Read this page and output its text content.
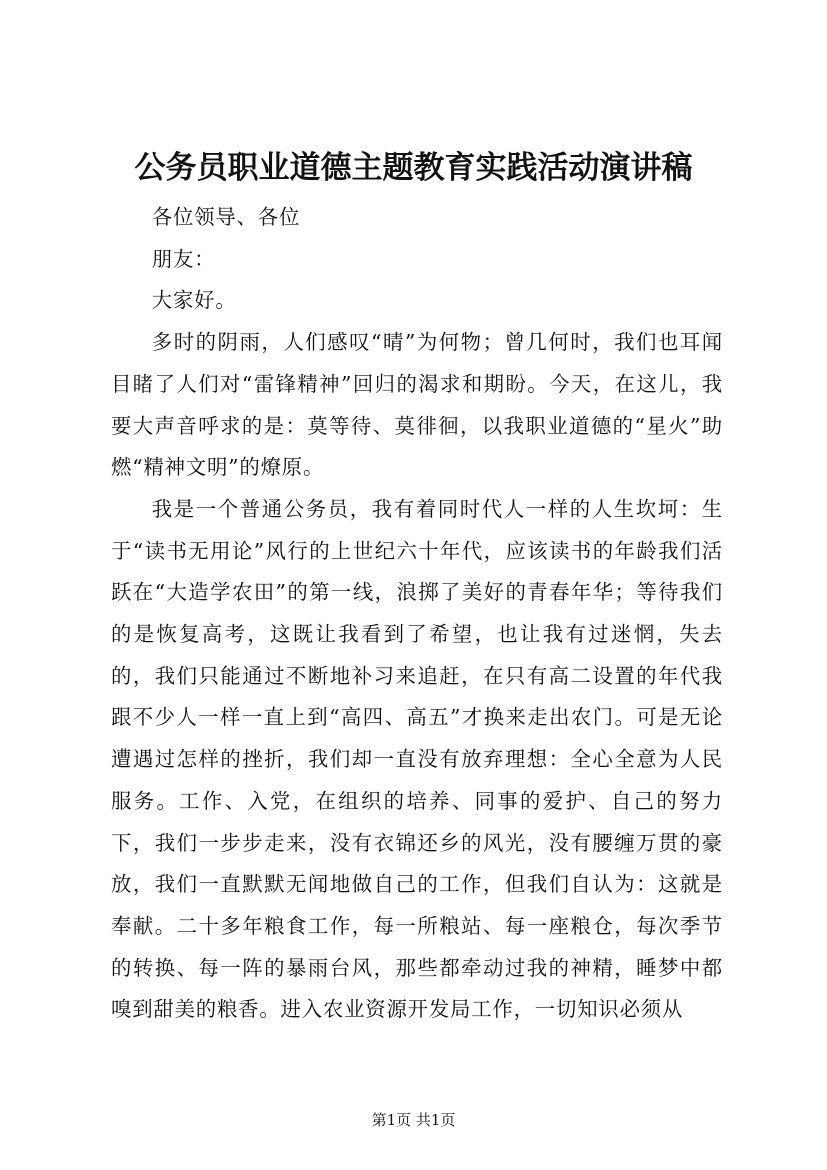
公务员职业道德主题教育实践活动演讲稿

各位领导、各位

朋友：

大家好。

多时的阴雨，人们感叹“晴”为何物；曾几何时，我们也耳闻目睹了人们对“雷锋精神”回归的渴求和期盼。今天，在这儿，我要大声音呼求的是：莫等待、莫徘徊，以我职业道德的“星火”助燃“精神文明”的燎原。

我是一个普通公务员，我有着同时代人一样的人生坎坷：生于“读书无用论”风行的上世纪六十年代，应该读书的年龄我们活跃在“大造学农田”的第一线，浪掷了美好的青春年华；等待我们的是恢复高考，这既让我看到了希望，也让我有过迷惘，失去的，我们只能通过不断地补习来追赶，在只有高二设置的年代我跟不少人一样一直上到“高四、高五”才换来走出农门。可是无论遭遇过怎样的挫折，我们却一直没有放弃理想：全心全意为人民服务。工作、入党，在组织的培养、同事的爱护、自己的努力下，我们一步步走来，没有衣锦还乡的风光，没有腰缠万贯的豪放，我们一直默默无闻地做自己的工作，但我们自认为：这就是奉献。二十多年粮食工作，每一所粮站、每一座粮仓，每次季节的转换、每一阵的暴雨台风，那些都牵动过我的神精，睡梦中都嗅到甜美的粮香。进入农业资源开发局工作，一切知识必须从

第1页 共1页
